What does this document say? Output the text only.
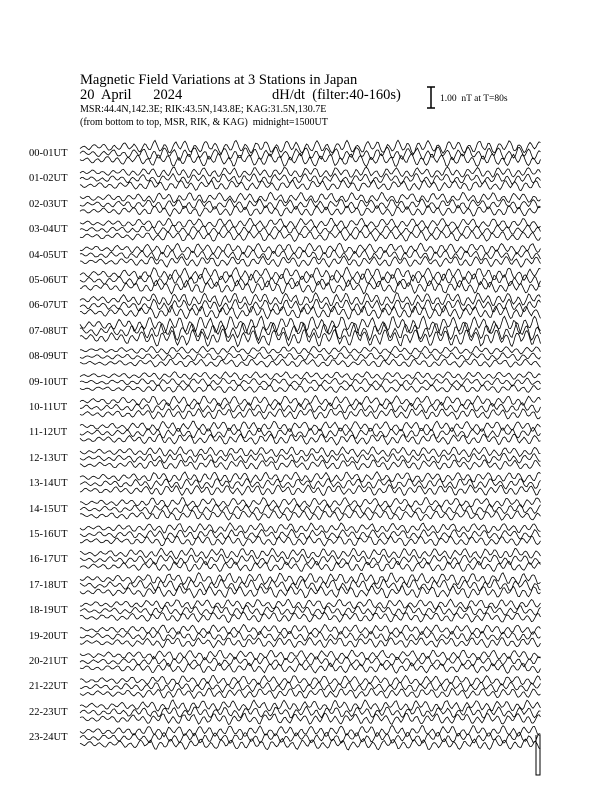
Magnetic Field Variations at 3 Stations in Japan
20  April      2024	dH/dt  (filter:40-160s)
MSR:44.4N,142.3E; RIK:43.5N,143.8E; KAG:31.5N,130.7E
(from bottom to top, MSR, RIK, & KAG)  midnight=1500UT
1.00  nT at T=80s
00-01UT
01-02UT
02-03UT
03-04UT
04-05UT
05-06UT
06-07UT
07-08UT
08-09UT
09-10UT
10-11UT
11-12UT
12-13UT
13-14UT
14-15UT
15-16UT
16-17UT
17-18UT
18-19UT
19-20UT
20-21UT
21-22UT
22-23UT
23-24UT
